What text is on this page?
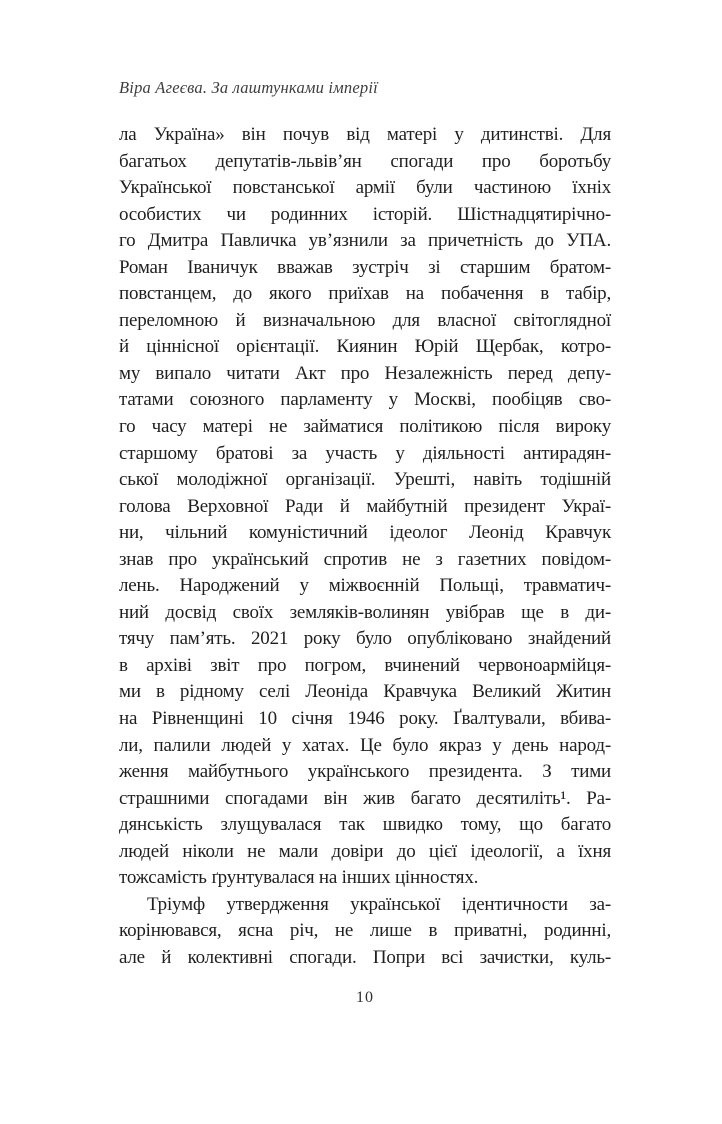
Віра Агеєва. За лаштунками імперії
ла Україна» він почув від матері у дитинстві. Для
багатьох депутатів-львів’ян спогади про боротьбу
Української повстанської армії були частиною їхніх
особистих чи родинних історій. Шістнадцятирічно-
го Дмитра Павличка ув’язнили за причетність до УПА.
Роман Іваничук вважав зустріч зі старшим братом-
повстанцем, до якого приїхав на побачення в табір,
переломною й визначальною для власної світоглядної
й ціннісної орієнтації. Киянин Юрій Щербак, котро-
му випало читати Акт про Незалежність перед депу-
татами союзного парламенту у Москві, пообіцяв сво-
го часу матері не займатися політикою після вироку
старшому братові за участь у діяльності антирадян-
ської молодіжної організації. Урешті, навіть тодішній
голова Верховної Ради й майбутній президент Украї-
ни, чільний комуністичний ідеолог Леонід Кравчук
знав про український спротив не з газетних повідом-
лень. Народжений у міжвоєнній Польщі, травматич-
ний досвід своїх земляків-волинян увібрав ще в ди-
тячу пам’ять. 2021 року було опубліковано знайдений
в архіві звіт про погром, вчинений червоноармійця-
ми в рідному селі Леоніда Кравчука Великий Житин
на Рівненщині 10 січня 1946 року. Ґвалтували, вбива-
ли, палили людей у хатах. Це було якраз у день народ-
ження майбутнього українського президента. З тими
страшними спогадами він жив багато десятиліть¹. Ра-
дянськість злущувалася так швидко тому, що багато
людей ніколи не мали довіри до цієї ідеології, а їхня
тожсамість ґрунтувалася на інших цінностях.
Тріумф утвердження української ідентичности за-
корінювався, ясна річ, не лише в приватні, родинні,
але й колективні спогади. Попри всі зачистки, куль-
10
